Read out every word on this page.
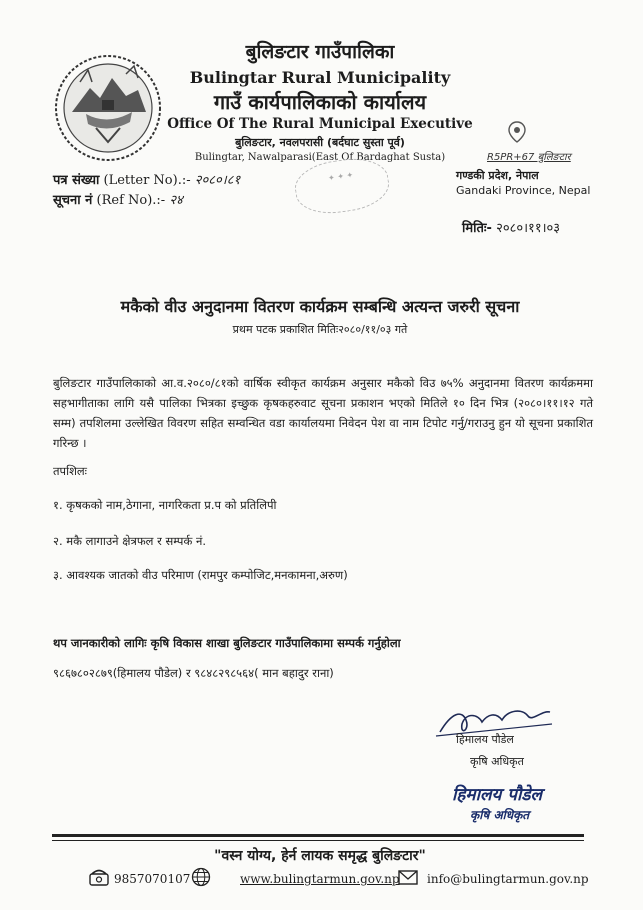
बुलिङटार गाउँपालिका
Bulingtar Rural Municipality
गाउँ कार्यपालिकाको कार्यालय
Office Of The Rural Municipal Executive
बुलिङटार, नवलपरासी (बर्दघाट सुस्ता पूर्व)
Bulingtar, Nawalparasi(East Of Bardaghat Susta)	R5PR+67 बुलिङटार
गण्डकी प्रदेश, नेपाल
Gandaki Province, Nepal
✦ ✦ ✦
पत्र संख्या (Letter No).:- २०८०।८१
सूचना नं (Ref No).:- २४
मितिः- २०८०।११।०३
मकैको वीउ अनुदानमा वितरण कार्यक्रम सम्बन्धि अत्यन्त जरुरी सूचना
प्रथम पटक प्रकाशित मितिः२०८०/११/०३ गते
बुलिङटार गाउँपालिकाको आ.व.२०८०/८१को वार्षिक स्वीकृत कार्यक्रम अनुसार मकैको विउ ७५% अनुदानमा वितरण कार्यक्रममा सहभागीताका लागि यसै पालिका भित्रका इच्छुक कृषकहरुवाट सूचना प्रकाशन भएको मितिले १० दिन भित्र (२०८०।११।१२ गते सम्म) तपशिलमा उल्लेखित विवरण सहित सम्वन्धित वडा कार्यालयमा निवेदन पेश वा नाम टिपोट गर्नु/गराउनु हुन यो सूचना प्रकाशित गरिन्छ ।
तपशिलः
१. कृषकको नाम,ठेगाना, नागरिकता प्र.प को प्रतिलिपी
२. मकै लागाउने क्षेत्रफल र सम्पर्क नं.
३. आवश्यक जातको वीउ परिमाण (रामपुर कम्पोजिट,मनकामना,अरुण)
थप जानकारीको लागिः कृषि विकास शाखा बुलिङटार गाउँपालिकामा सम्पर्क गर्नुहोला
९८६७८०२८७९(हिमालय पौडेल) र ९८४८२९८५६४( मान बहादुर राना)
हिमालय पौडेल
कृषि अधिकृत
हिमालय पौडेल
कृषि अधिकृत
"वस्न योग्य, हेर्न लायक समृद्ध बुलिङटार"
9857070107	www.bulingtarmun.gov.np info@bulingtarmun.gov.np
